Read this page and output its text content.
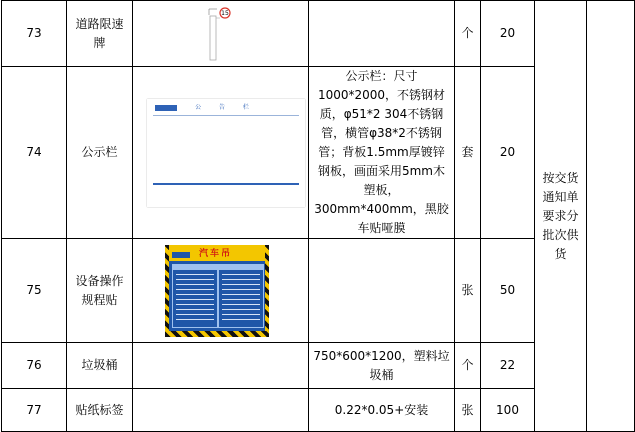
73	道路限速牌	15		个	20	按交货通知单要求分批次供货	

74	公示栏	公 告 栏	公示栏：尺寸1000*2000，不锈钢材质，φ51*2 304不锈钢管，横管φ38*2不锈钢管；背板1.5mm厚镀锌钢板，画面采用5mm木塑板，300mm*400mm，黑胶车贴哑膜	套	20		
75	设备操作规程贴	汽车吊		张	50		
76	垃圾桶		750*600*1200，塑料垃圾桶	个	22		
77	贴纸标签		0.22*0.05+安装	张	100		
